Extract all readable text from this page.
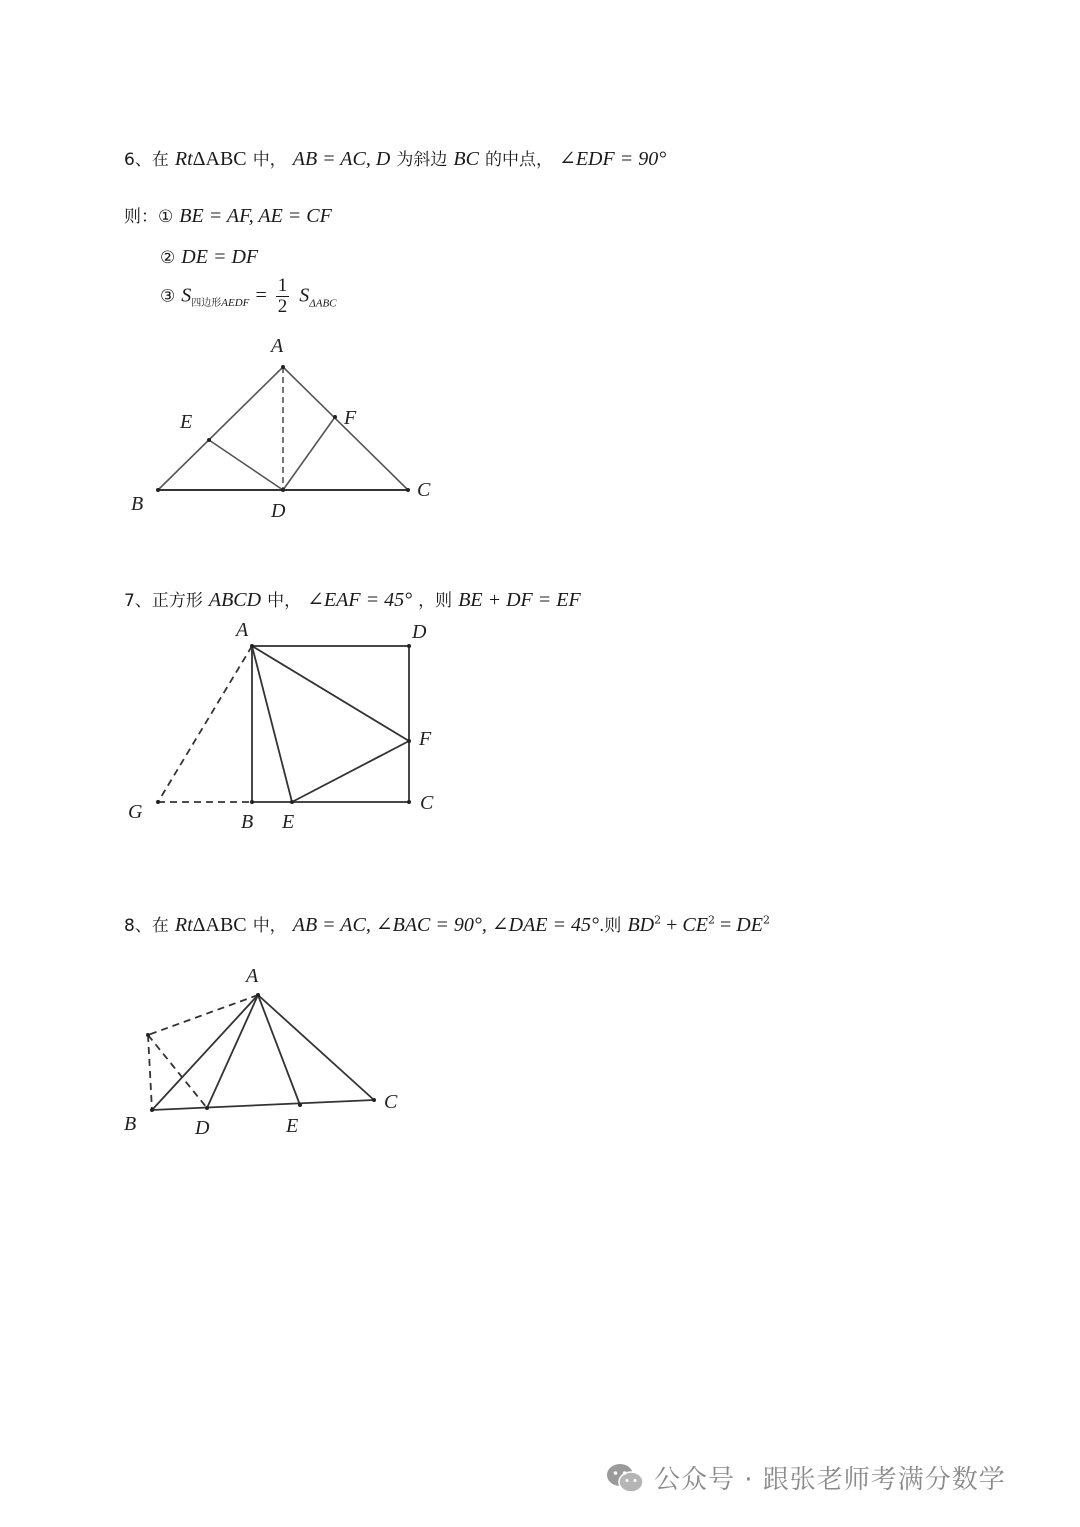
6、在 RtΔABC 中， AB = AC, D 为斜边 BC 的中点， ∠EDF = 90°
则：① BE = AF, AE = CF
② DE = DF
③ $S_{四边形AEDF} = \frac{1}{2} S_{\Delta ABC}$
A
B
C
D
E	F
7、正方形 ABCD 中， ∠EAF = 45° ，则 BE + DF = EF
A	D
F
C
B E
G
8、在 RtΔABC 中， AB = AC, ∠BAC = 90°, ∠DAE = 45°.则 $BD^2 + CE^2 = DE^2$
A
B	D	E
C
公众号 · 跟张老师考满分数学
